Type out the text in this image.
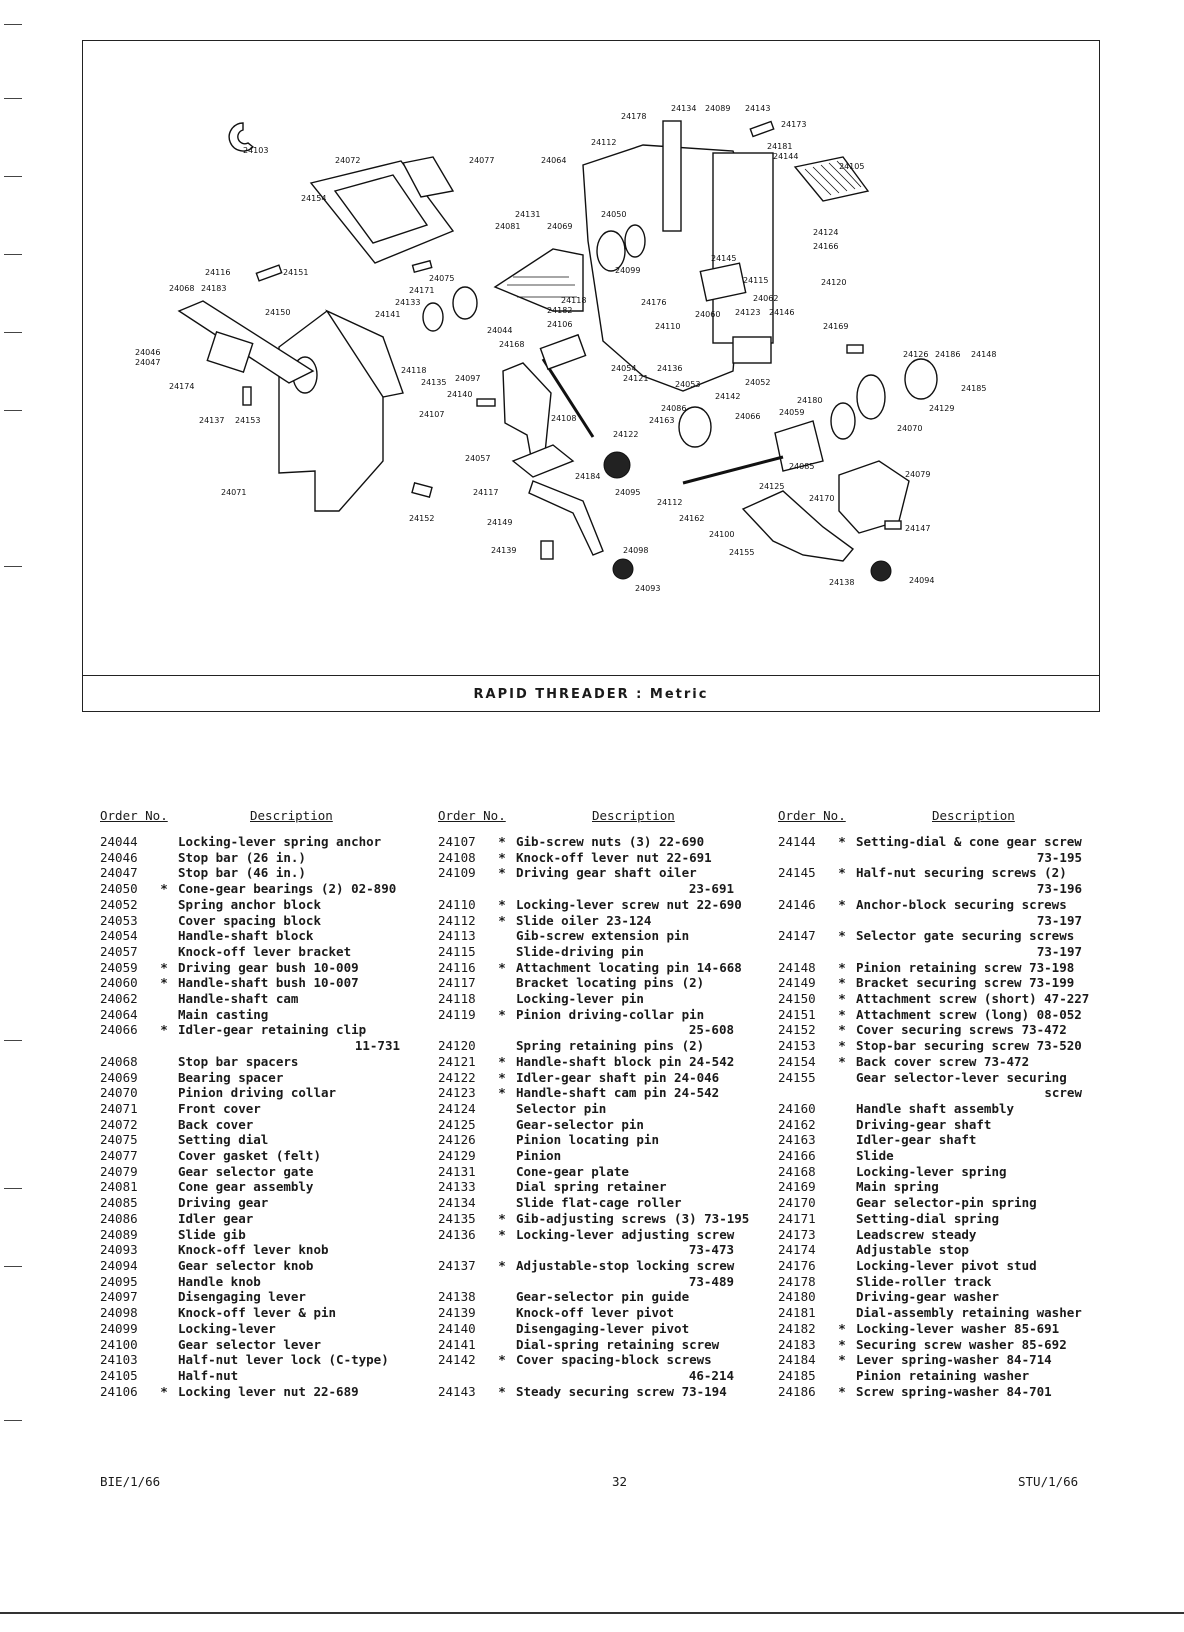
24103
24072	24077
24154
24064
24178
24134 24089 24143
24112
24173
24181
24144
24105
24131
24081	24069
24050
24124
24166
24116	24151
24068 24183
24150
24075
24171
24133
24141
24099
24118
24182
24176
24145
24115	24120
24062
24060 24123 24146
24169
24044
24106
24168
24110
24046
24047
24174
24137 24153
24118
24135 24097
24140
24107
24054
24121
24136
24053
24142
24052
24126 24186 24148
24185
24180
24059	24129
24070
24108
24122
24086
24163	24066
24057
24184
24095
24085
24079
24071	24117
24152	24149
24112
24125
24170
24162
24147
24139	24098
24100
24155
24093
24138	24094
RAPID THREADER : Metric
Order No.	Description
24044	Locking-lever spring anchor
24046	Stop bar (26 in.)
24047	Stop bar (46 in.)
24050	* Cone-gear bearings (2) 02-890
24052	Spring anchor block
24053	Cover spacing block
24054	Handle-shaft block
24057	Knock-off lever bracket
24059	* Driving gear bush 10-009
24060	* Handle-shaft bush 10-007
24062	Handle-shaft cam
24064	Main casting
24066	* Idler-gear retaining clip
11-731
24068	Stop bar spacers
24069	Bearing spacer
24070	Pinion driving collar
24071	Front cover
24072	Back cover
24075	Setting dial
24077	Cover gasket (felt)
24079	Gear selector gate
24081	Cone gear assembly
24085	Driving gear
24086	Idler gear
24089	Slide gib
24093	Knock-off lever knob
24094	Gear selector knob
24095	Handle knob
24097	Disengaging lever
24098	Knock-off lever & pin
24099	Locking-lever
24100	Gear selector lever
24103	Half-nut lever lock (C-type)
24105	Half-nut
24106	* Locking lever nut 22-689
Order No.	Description
24107	* Gib-screw nuts (3) 22-690
24108	* Knock-off lever nut 22-691
24109	* Driving gear shaft oiler
23-691
24110	* Locking-lever screw nut 22-690
24112	* Slide oiler 23-124
24113	Gib-screw extension pin
24115	Slide-driving pin
24116	* Attachment locating pin 14-668
24117	Bracket locating pins (2)
24118	Locking-lever pin
24119	* Pinion driving-collar pin
25-608
24120	Spring retaining pins (2)
24121	* Handle-shaft block pin 24-542
24122	* Idler-gear shaft pin 24-046
24123	* Handle-shaft cam pin 24-542
24124	Selector pin
24125	Gear-selector pin
24126	Pinion locating pin
24129	Pinion
24131	Cone-gear plate
24133	Dial spring retainer
24134	Slide flat-cage roller
24135	* Gib-adjusting screws (3) 73-195
24136	* Locking-lever adjusting screw
73-473
24137	* Adjustable-stop locking screw
73-489
24138	Gear-selector pin guide
24139	Knock-off lever pivot
24140	Disengaging-lever pivot
24141	Dial-spring retaining screw
24142	* Cover spacing-block screws
46-214
24143	* Steady securing screw 73-194
Order No.	Description
24144	* Setting-dial & cone gear screw
73-195
24145	* Half-nut securing screws (2)
73-196
24146	* Anchor-block securing screws
73-197
24147	* Selector gate securing screws
73-197
24148	* Pinion retaining screw 73-198
24149	* Bracket securing screw 73-199
24150	* Attachment screw (short) 47-227
24151	* Attachment screw (long) 08-052
24152	* Cover securing screws 73-472
24153	* Stop-bar securing screw 73-520
24154	* Back cover screw 73-472
24155	Gear selector-lever securing
screw
24160	Handle shaft assembly
24162	Driving-gear shaft
24163	Idler-gear shaft
24166	Slide
24168	Locking-lever spring
24169	Main spring
24170	Gear selector-pin spring
24171	Setting-dial spring
24173	Leadscrew steady
24174	Adjustable stop
24176	Locking-lever pivot stud
24178	Slide-roller track
24180	Driving-gear washer
24181	Dial-assembly retaining washer
24182	* Locking-lever washer 85-691
24183	* Securing screw washer 85-692
24184	* Lever spring-washer 84-714
24185	Pinion retaining washer
24186	* Screw spring-washer 84-701
BIE/1/66	32	STU/1/66
